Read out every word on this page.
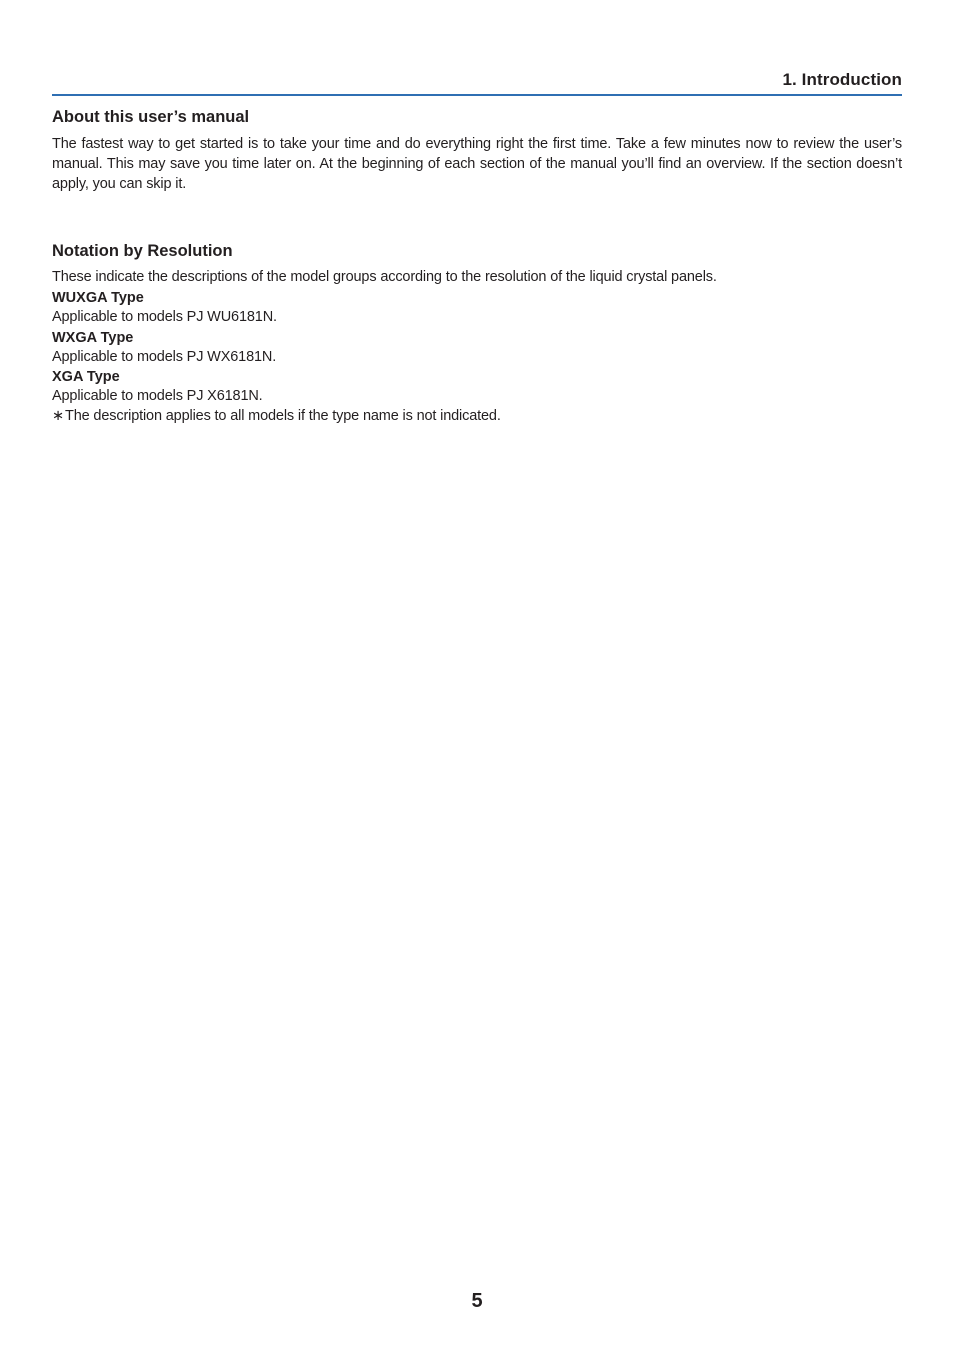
1. Introduction
About this user’s manual

The fastest way to get started is to take your time and do everything right the first time. Take a few minutes now to review the user’s manual. This may save you time later on. At the beginning of each section of the manual you’ll find an overview. If the section doesn’t apply, you can skip it.

Notation by Resolution

These indicate the descriptions of the model groups according to the resolution of the liquid crystal panels.

WUXGA Type

Applicable to models PJ WU6181N.

WXGA Type

Applicable to models PJ WX6181N.

XGA Type

Applicable to models PJ X6181N.

∗The description applies to all models if the type name is not indicated.

5
